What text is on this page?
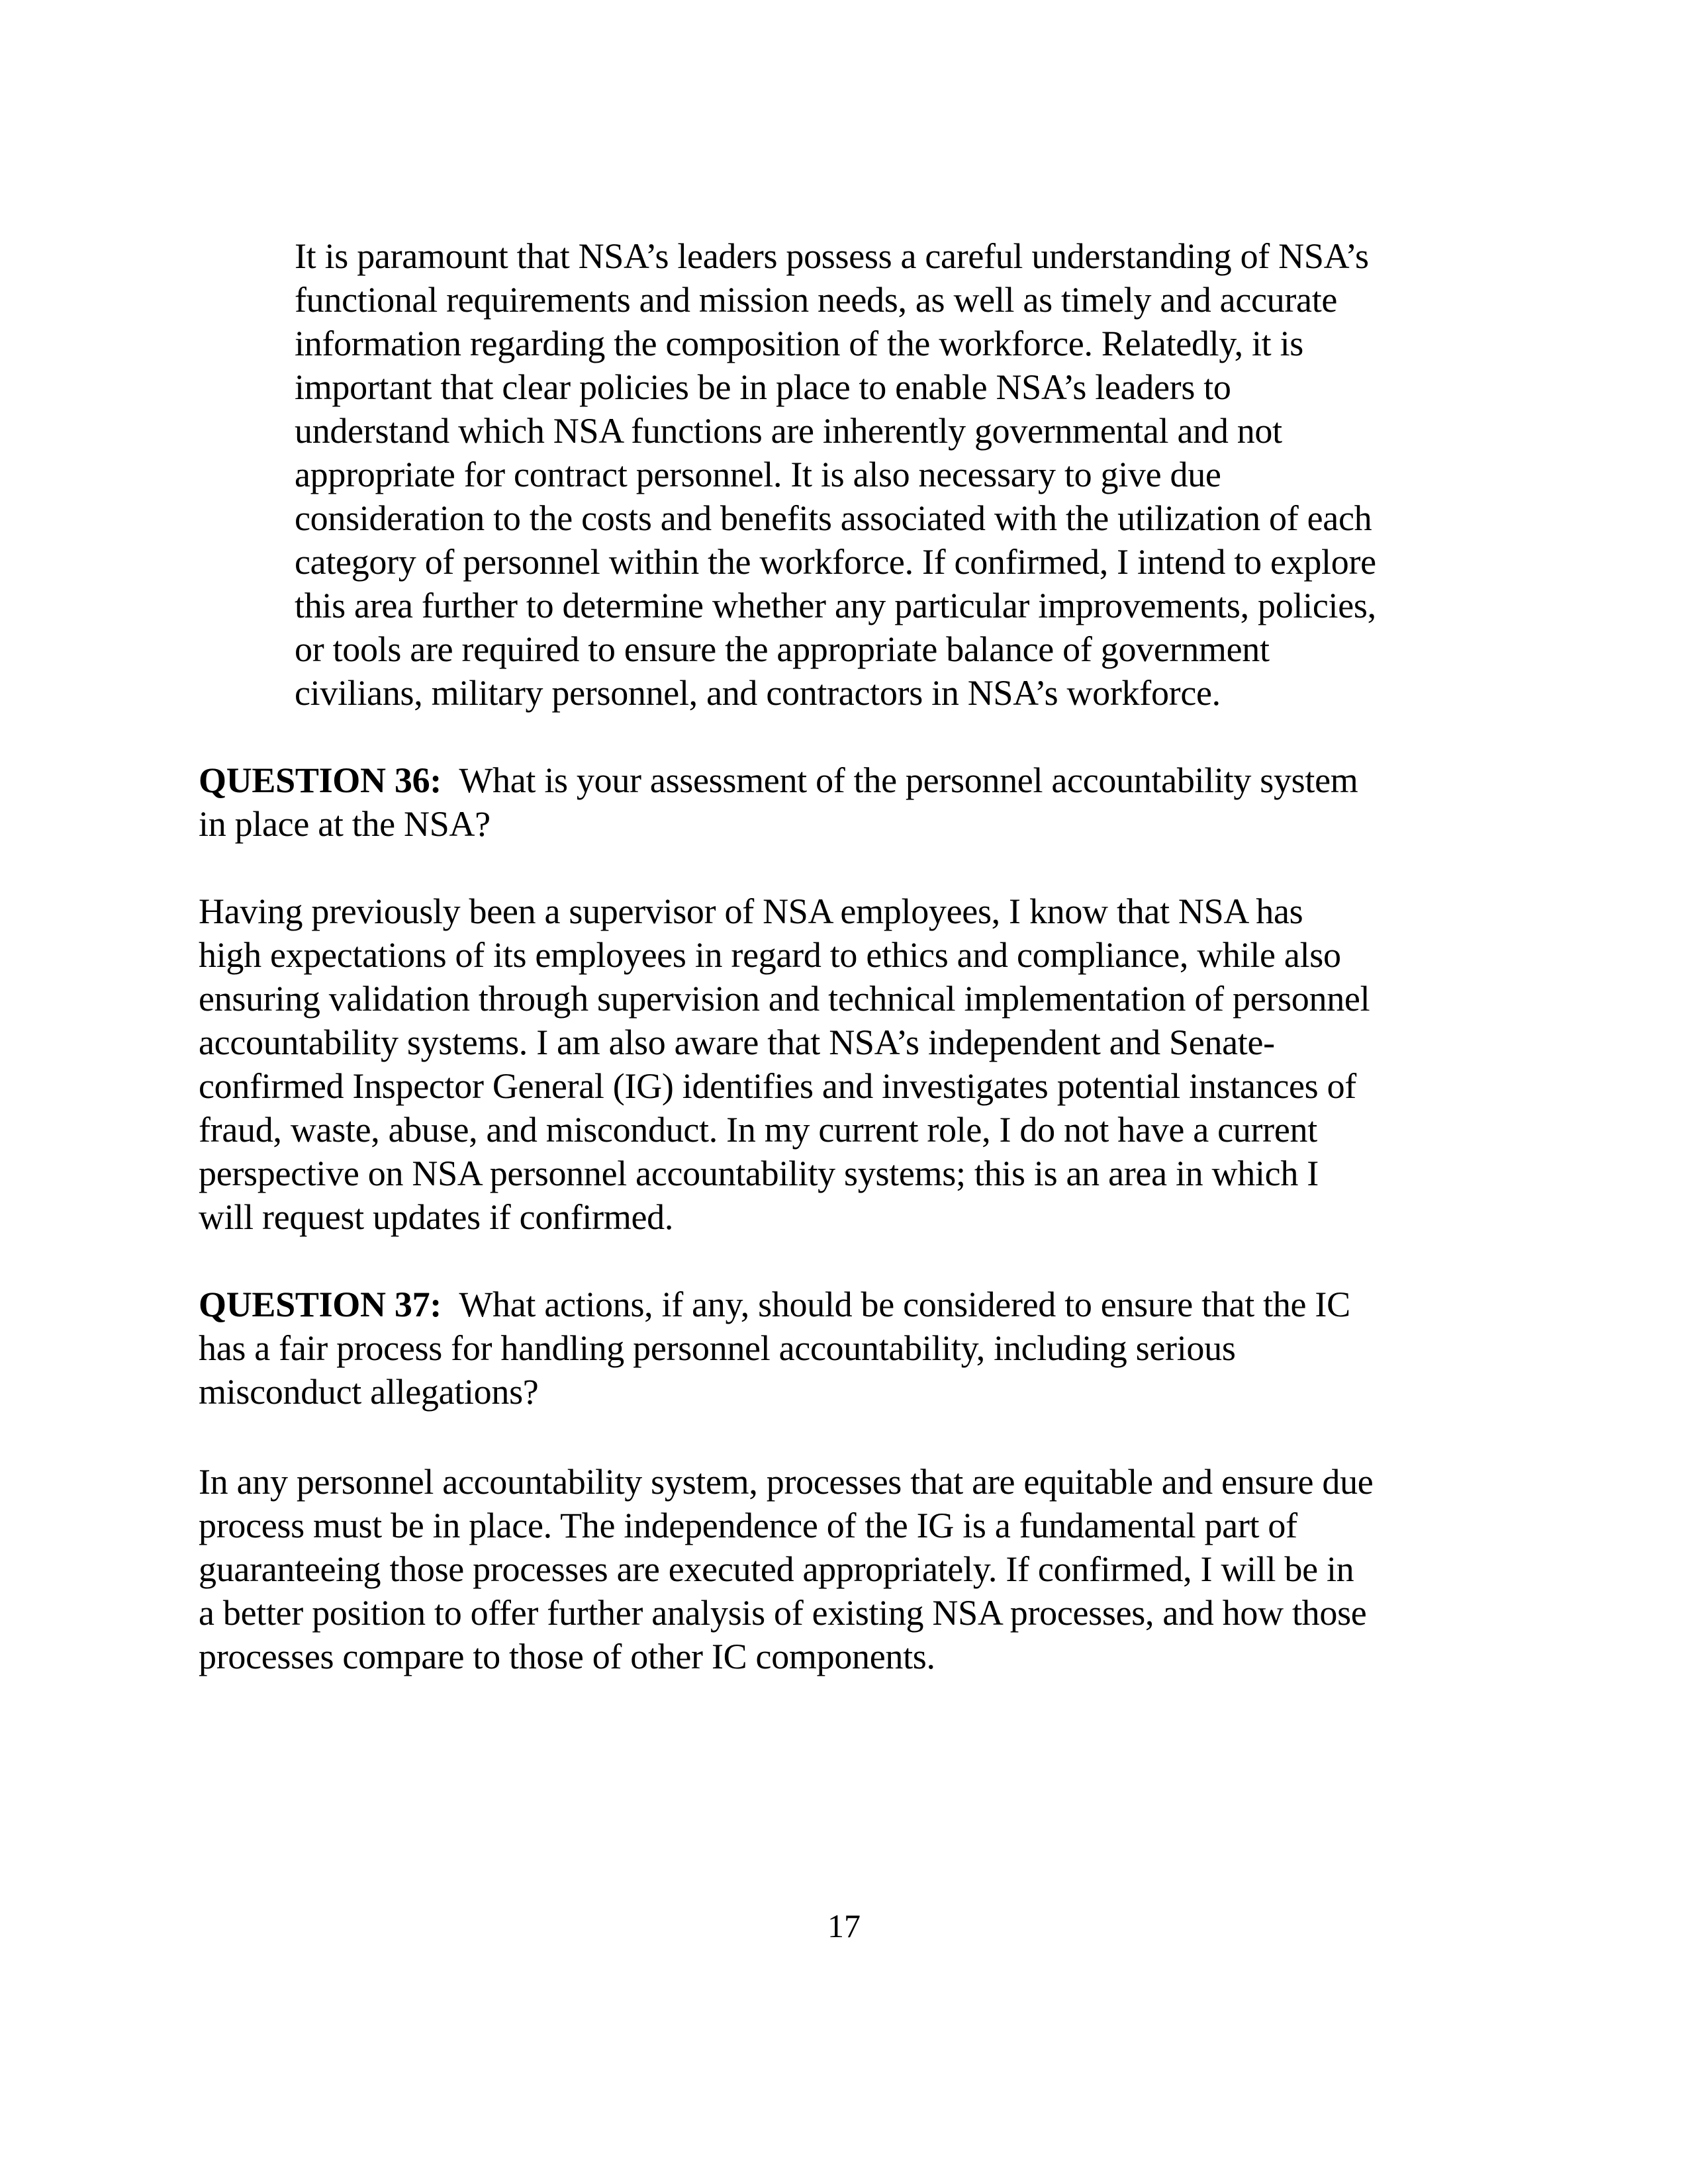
It is paramount that NSA’s leaders possess a careful understanding of NSA’s
functional requirements and mission needs, as well as timely and accurate
information regarding the composition of the workforce. Relatedly, it is
important that clear policies be in place to enable NSA’s leaders to
understand which NSA functions are inherently governmental and not
appropriate for contract personnel. It is also necessary to give due
consideration to the costs and benefits associated with the utilization of each
category of personnel within the workforce. If confirmed, I intend to explore
this area further to determine whether any particular improvements, policies,
or tools are required to ensure the appropriate balance of government
civilians, military personnel, and contractors in NSA’s workforce.
QUESTION 36: What is your assessment of the personnel accountability system
in place at the NSA?
Having previously been a supervisor of NSA employees, I know that NSA has
high expectations of its employees in regard to ethics and compliance, while also
ensuring validation through supervision and technical implementation of personnel
accountability systems. I am also aware that NSA’s independent and Senate-
confirmed Inspector General (IG) identifies and investigates potential instances of
fraud, waste, abuse, and misconduct. In my current role, I do not have a current
perspective on NSA personnel accountability systems; this is an area in which I
will request updates if confirmed.
QUESTION 37: What actions, if any, should be considered to ensure that the IC
has a fair process for handling personnel accountability, including serious
misconduct allegations?
In any personnel accountability system, processes that are equitable and ensure due
process must be in place. The independence of the IG is a fundamental part of
guaranteeing those processes are executed appropriately. If confirmed, I will be in
a better position to offer further analysis of existing NSA processes, and how those
processes compare to those of other IC components.
17
